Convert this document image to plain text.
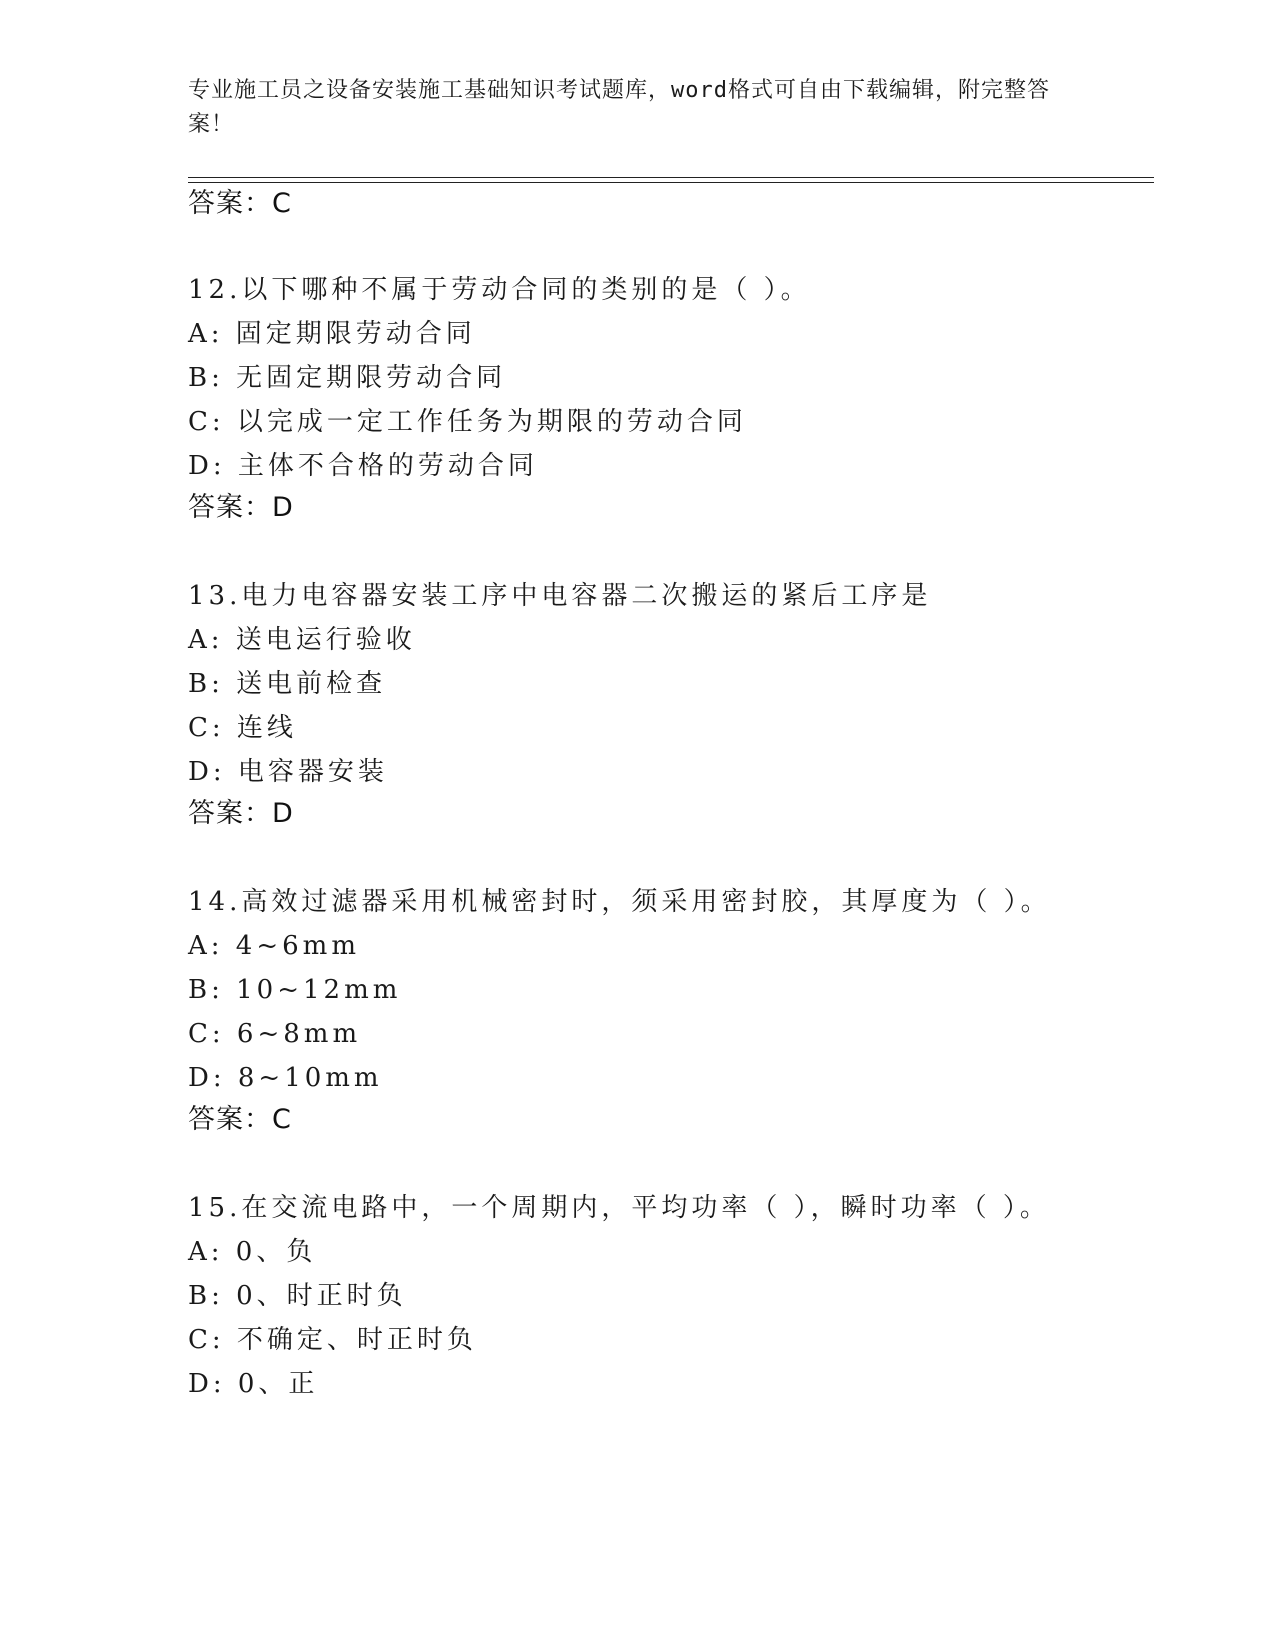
专业施工员之设备安装施工基础知识考试题库，word格式可自由下载编辑，附完整答案！
答案：C
12.以下哪种不属于劳动合同的类别的是（ ）。
A: 固定期限劳动合同
B: 无固定期限劳动合同
C: 以完成一定工作任务为期限的劳动合同
D: 主体不合格的劳动合同
答案：D
13.电力电容器安装工序中电容器二次搬运的紧后工序是
A: 送电运行验收
B: 送电前检查
C: 连线
D: 电容器安装
答案：D
14.高效过滤器采用机械密封时，须采用密封胶，其厚度为（ ）。
A: 4~6mm
B: 10~12mm
C: 6~8mm
D: 8~10mm
答案：C
15.在交流电路中，一个周期内，平均功率（ ），瞬时功率（ ）。
A: 0、负
B: 0、时正时负
C: 不确定、时正时负
D: 0、正
